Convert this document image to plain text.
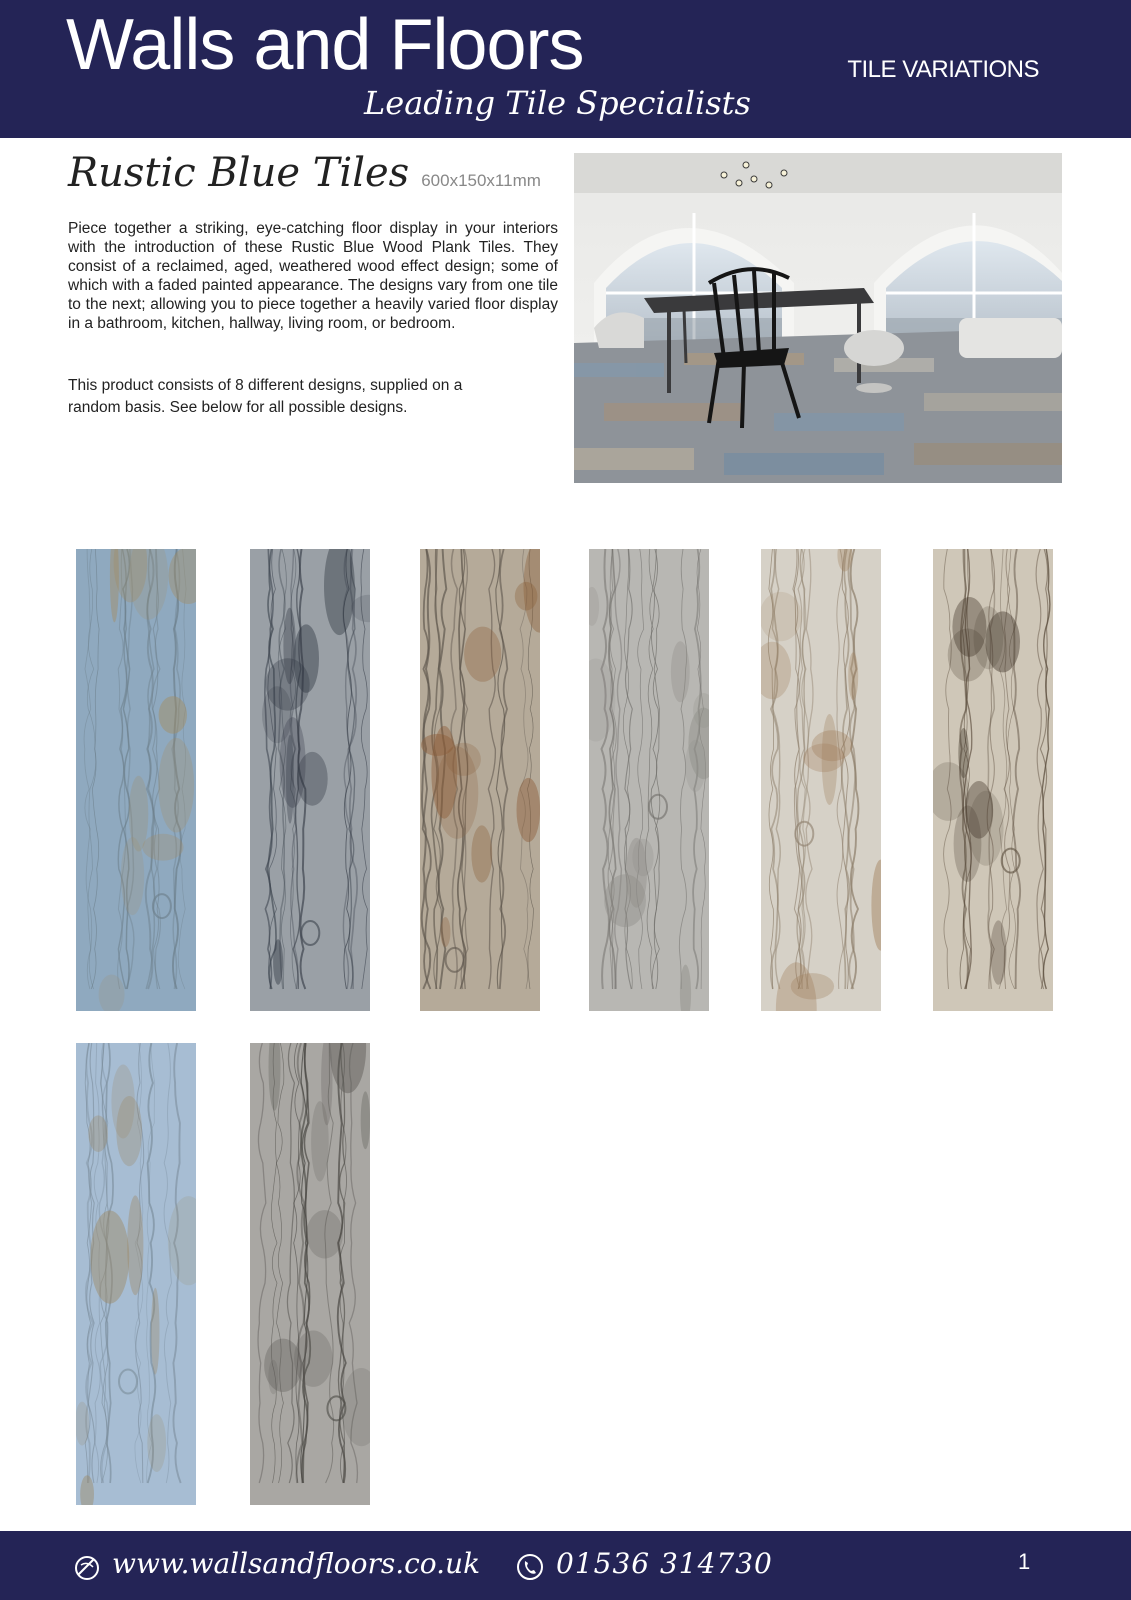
Walls and Floors
Leading Tile Specialists
TILE VARIATIONS
Rustic Blue Tiles 600x150x11mm

Piece together a striking, eye-catching floor display in your interiors with the introduction of these Rustic Blue Wood Plank Tiles. They consist of a reclaimed, aged, weathered wood effect design; some of which with a faded painted appearance. The designs vary from one tile to the next; allowing you to piece together a heavily varied floor display in a bathroom, kitchen, hallway, living room, or bedroom.

This product consists of 8 different designs, supplied on a random basis. See below for all possible designs.

www.wallsandfloors.co.uk	01536 314730	1
